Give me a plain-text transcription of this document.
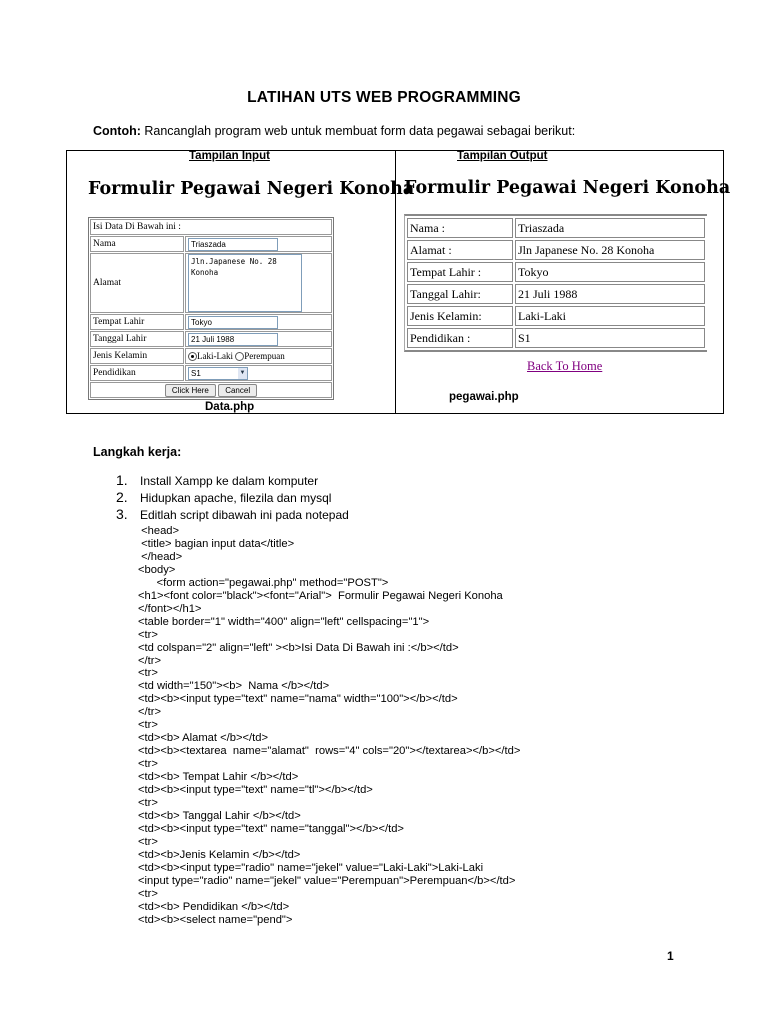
LATIHAN UTS WEB PROGRAMMING
Contoh: Rancanglah program web untuk membuat form data pegawai sebagai berikut:
Tampilan Input	Tampilan Output
Formulir Pegawai Negeri Konoha
Isi Data Di Bawah ini :	
Nama	Triaszada

Alamat	Jln.Japanese No. 28
Konoha

Tempat Lahir	Tokyo

Tanggal Lahir	21 Juli 1988

Jenis Kelamin	Laki-Laki Perempuan
Pendidikan	S1 ▼

Click Here Cancel	
Data.php
Formulir Pegawai Negeri Konoha
Nama :	Triaszada
Alamat :	Jln Japanese No. 28 Konoha
Tempat Lahir :	Tokyo
Tanggal Lahir:	21 Juli 1988
Jenis Kelamin:	Laki-Laki
Pendidikan :	S1
Back To Home
pegawai.php
Langkah kerja:
1. Install Xampp ke dalam komputer
2. Hidupkan apache, filezila dan mysql
3. Editlah script dibawah ini pada notepad
<head>
<title> bagian input data</title>
</head>
<body>
<form action="pegawai.php" method="POST">
<h1><font color="black"><font="Arial">  Formulir Pegawai Negeri Konoha
</font></h1>
<table border="1" width="400" align="left" cellspacing="1">
<tr>
<td colspan="2" align="left" ><b>Isi Data Di Bawah ini :</b></td>
</tr>
<tr>
<td width="150"><b>  Nama </b></td>
<td><b><input type="text" name="nama" width="100"></b></td>
</tr>
<tr>
<td><b> Alamat </b></td>
<td><b><textarea  name="alamat"  rows="4" cols="20"></textarea></b></td>
<tr>
<td><b> Tempat Lahir </b></td>
<td><b><input type="text" name="tl"></b></td>
<tr>
<td><b> Tanggal Lahir </b></td>
<td><b><input type="text" name="tanggal"></b></td>
<tr>
<td><b>Jenis Kelamin </b></td>
<td><b><input type="radio" name="jekel" value="Laki-Laki">Laki-Laki
<input type="radio" name="jekel" value="Perempuan">Perempuan</b></td>
<tr>
<td><b> Pendidikan </b></td>
<td><b><select name="pend">
1
